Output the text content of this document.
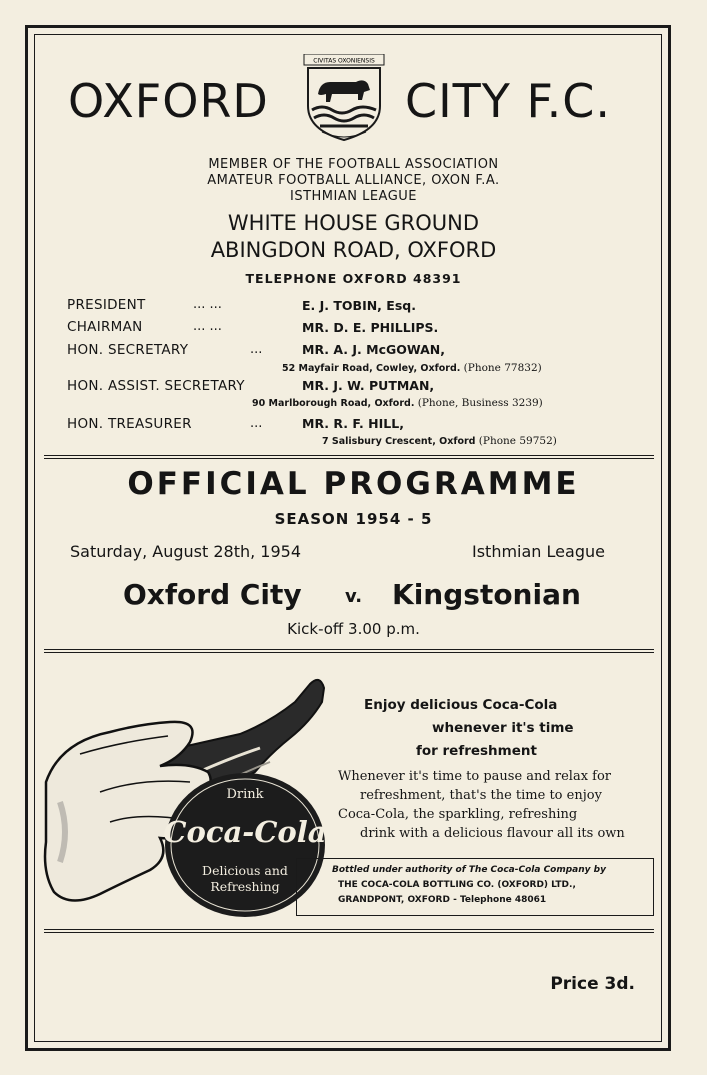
OXFORD	CITY F.C.
CIVITAS OXONIENSIS
MEMBER OF THE FOOTBALL ASSOCIATION
AMATEUR FOOTBALL ALLIANCE, OXON F.A.
ISTHMIAN LEAGUE
WHITE HOUSE GROUND
ABINGDON ROAD, OXFORD
TELEPHONE OXFORD 48391
PRESIDENT	... ...	E. J. TOBIN, Esq.
CHAIRMAN	... ...	MR. D. E. PHILLIPS.
HON. SECRETARY	...	MR. A. J. McGOWAN,
52 Mayfair Road, Cowley, Oxford. (Phone 77832)
HON. ASSIST. SECRETARY	MR. J. W. PUTMAN,
90 Marlborough Road, Oxford. (Phone, Business 3239)
HON. TREASURER	...	MR. R. F. HILL,
7 Salisbury Crescent, Oxford (Phone 59752)
OFFICIAL PROGRAMME
SEASON 1954 - 5
Saturday, August 28th, 1954	Isthmian League
Oxford City v. Kingstonian
Kick-off 3.00 p.m.
Drink
Coca-Cola
Delicious and
Refreshing
Enjoy delicious Coca-Cola
whenever it's time
for refreshment
Whenever it's time to pause and relax for
refreshment, that's the time to enjoy
Coca-Cola, the sparkling, refreshing
drink with a delicious flavour all its own
Bottled under authority of The Coca-Cola Company by
THE COCA-COLA BOTTLING CO. (OXFORD) LTD.,
GRANDPONT, OXFORD - Telephone 48061
Price 3d.
